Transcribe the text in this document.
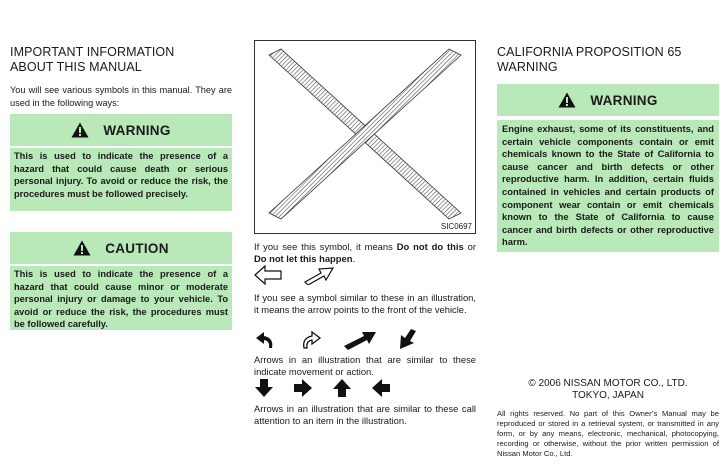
IMPORTANT INFORMATION
ABOUT THIS MANUAL
You will see various symbols in this manual. They are used in the following ways:
WARNING
This is used to indicate the presence of a hazard that could cause death or serious personal injury. To avoid or reduce the risk, the procedures must be followed precisely.
CAUTION
This is used to indicate the presence of a hazard that could cause minor or moderate personal injury or damage to your vehicle. To avoid or reduce the risk, the procedures must be followed carefully.
SIC0697
If you see this symbol, it means Do not do this or Do not let this happen.
If you see a symbol similar to these in an illustration, it means the arrow points to the front of the vehicle.
Arrows in an illustration that are similar to these indicate movement or action.
Arrows in an illustration that are similar to these call attention to an item in the illustration.
CALIFORNIA PROPOSITION 65
WARNING
WARNING
Engine exhaust, some of its constituents, and certain vehicle components contain or emit chemicals known to the State of California to cause cancer and birth defects or other reproductive harm. In addition, certain fluids contained in vehicles and certain products of component wear contain or emit chemicals known to the State of California to cause cancer and birth defects or other reproductive harm.
© 2006 NISSAN MOTOR CO., LTD.
TOKYO, JAPAN
All rights reserved. No part of this Owner’s Manual may be reproduced or stored in a retrieval system, or transmitted in any form, or by any means, electronic, mechanical, photocopying, recording or otherwise, without the prior written permission of Nissan Motor Co., Ltd.
